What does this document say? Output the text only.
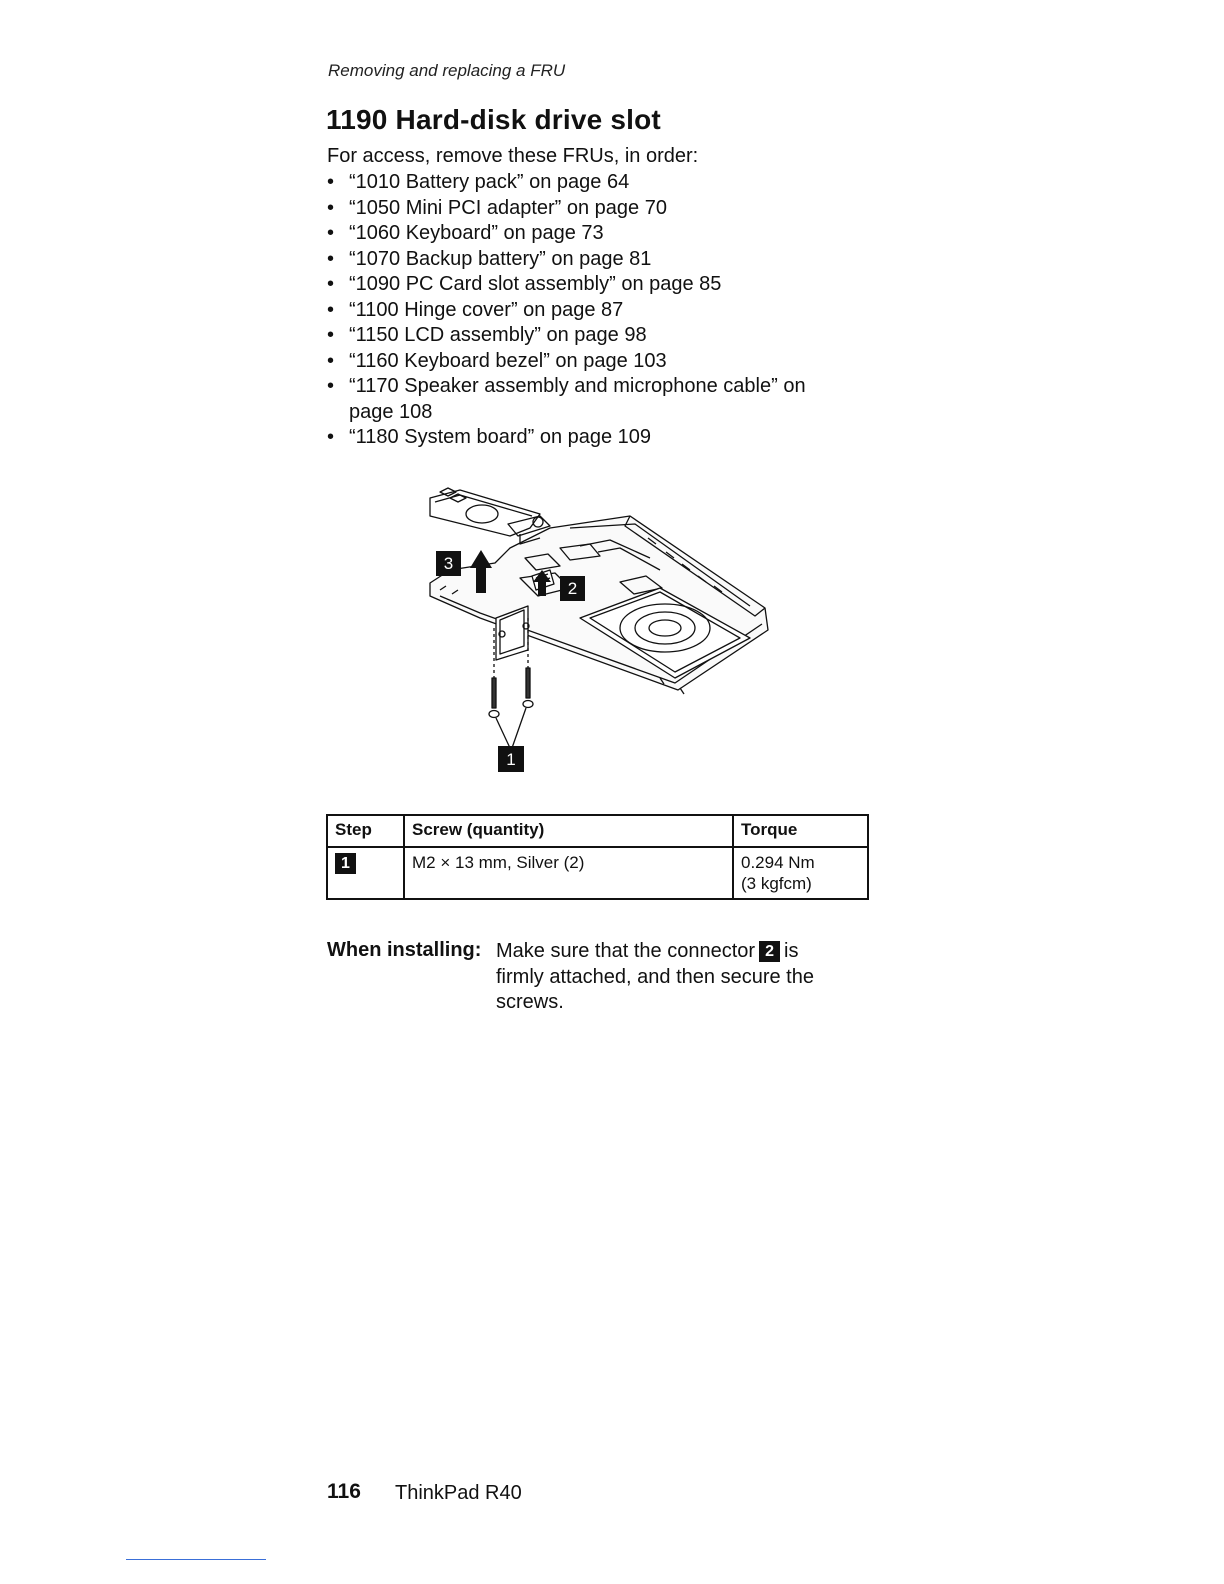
Removing and replacing a FRU
1190 Hard-disk drive slot
For access, remove these FRUs, in order:
• “1010 Battery pack” on page 64
• “1050 Mini PCI adapter” on page 70
• “1060 Keyboard” on page 73
• “1070 Backup battery” on page 81
• “1090 PC Card slot assembly” on page 85
• “1100 Hinge cover” on page 87
• “1150 LCD assembly” on page 98
• “1160 Keyboard bezel” on page 103
• “1170 Speaker assembly and microphone cable” on page 108
• “1180 System board” on page 109
3
2
1
Step	Screw (quantity)	Torque
1	M2 × 13 mm, Silver (2)	0.294 Nm
(3 kgfcm)
When installing: Make sure that the connector 2 is firmly attached, and then secure the screws.
116 ThinkPad R40
